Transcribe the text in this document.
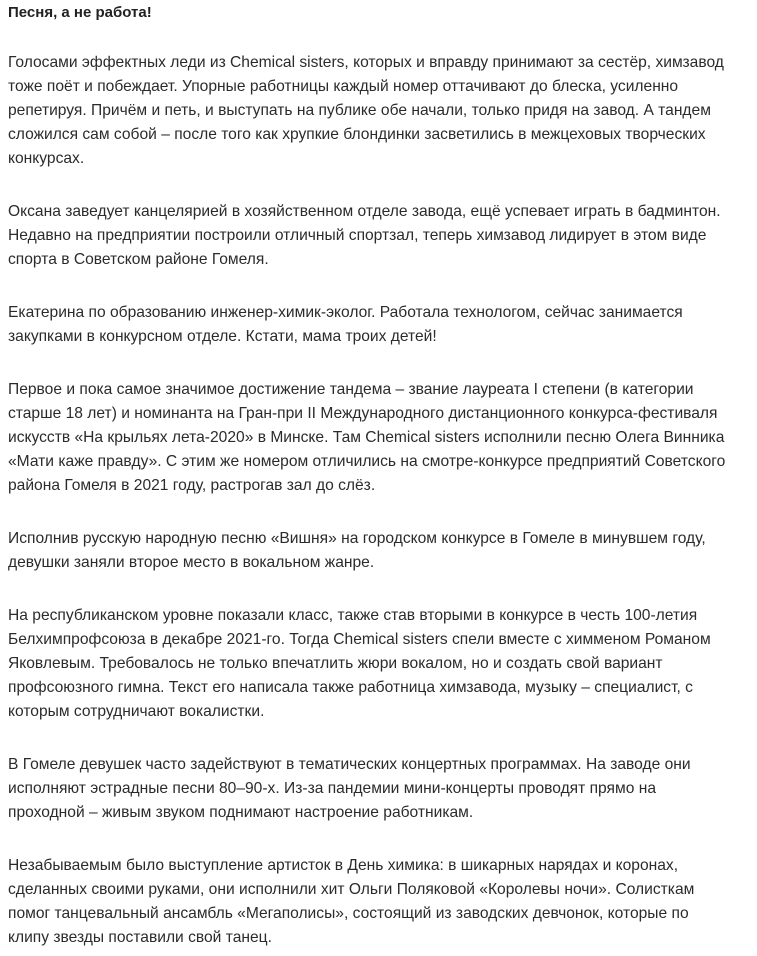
Песня, а не работа!
Голосами эффектных леди из Chemical sisters, которых и вправду принимают за сестёр, химзавод
тоже поёт и побеждает. Упорные работницы каждый номер оттачивают до блеска, усиленно
репетируя. Причём и петь, и выступать на публике обе начали, только придя на завод. А тандем
сложился сам собой – после того как хрупкие блондинки засветились в межцеховых творческих
конкурсах.
Оксана заведует канцелярией в хозяйственном отделе завода, ещё успевает играть в бадминтон.
Недавно на предприятии построили отличный спортзал, теперь химзавод лидирует в этом виде
спорта в Советском районе Гомеля.
Екатерина по образованию инженер-химик-эколог. Работала технологом, сейчас занимается
закупками в конкурсном отделе. Кстати, мама троих детей!
Первое и пока самое значимое достижение тандема – звание лауреата I степени (в категории
старше 18 лет) и номинанта на Гран-при II Международного дистанционного конкурса-фестиваля
искусств «На крыльях лета-2020» в Минске. Там Chemical sisters исполнили песню Олега Винника
«Мати каже правду». С этим же номером отличились на смотре-конкурсе предприятий Советского
района Гомеля в 2021 году, растрогав зал до слёз.
Исполнив русскую народную песню «Вишня» на городском конкурсе в Гомеле в минувшем году,
девушки заняли второе место в вокальном жанре.
На республиканском уровне показали класс, также став вторыми в конкурсе в честь 100-летия
Белхимпрофсоюза в декабре 2021-го. Тогда Chemical sisters спели вместе с химменом Романом
Яковлевым. Требовалось не только впечатлить жюри вокалом, но и создать свой вариант
профсоюзного гимна. Текст его написала также работница химзавода, музыку – специалист, с
которым сотрудничают вокалистки.
В Гомеле девушек часто задействуют в тематических концертных программах. На заводе они
исполняют эстрадные песни 80–90-х. Из-за пандемии мини-концерты проводят прямо на
проходной – живым звуком поднимают настроение работникам.
Незабываемым было выступление артисток в День химика: в шикарных нарядах и коронах,
сделанных своими руками, они исполнили хит Ольги Поляковой «Королевы ночи». Солисткам
помог танцевальный ансамбль «Мегаполисы», состоящий из заводских девчонок, которые по
клипу звезды поставили свой танец.
